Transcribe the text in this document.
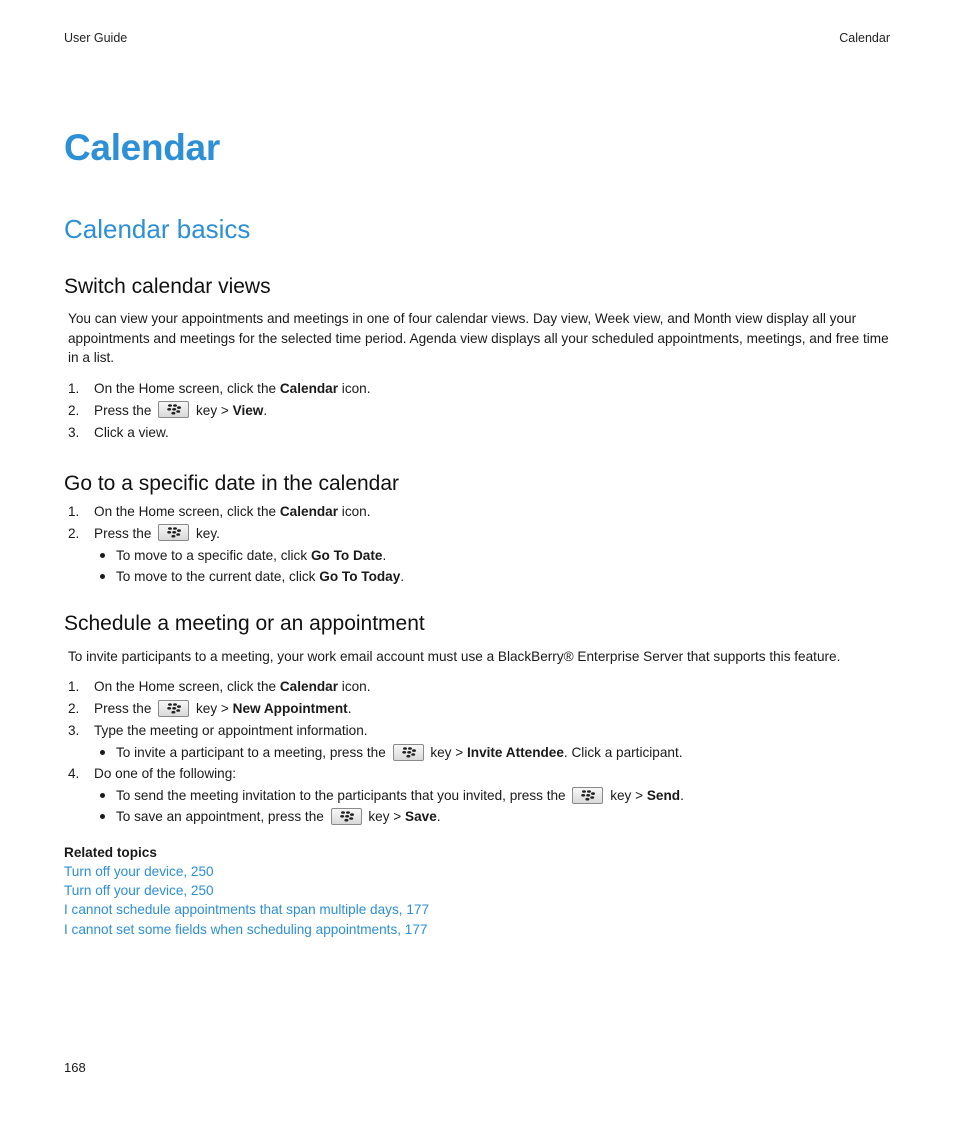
User Guide	Calendar
Calendar
Calendar basics
Switch calendar views

You can view your appointments and meetings in one of four calendar views. Day view, Week view, and Month view display all your appointments and meetings for the selected time period. Agenda view displays all your scheduled appointments, meetings, and free time in a list.

1. On the Home screen, click the Calendar icon.
2. Press the	key > View.
3. Click a view.
Go to a specific date in the calendar
1. On the Home screen, click the Calendar icon.
2. Press the	key.
To move to a specific date, click Go To Date.
To move to the current date, click Go To Today.
Schedule a meeting or an appointment

To invite participants to a meeting, your work email account must use a BlackBerry® Enterprise Server that supports this feature.

1. On the Home screen, click the Calendar icon.
2. Press the	key > New Appointment.
3. Type the meeting or appointment information.
To invite a participant to a meeting, press the	key > Invite Attendee. Click a participant.
4. Do one of the following:
To send the meeting invitation to the participants that you invited, press the	key > Send.
To save an appointment, press the	key > Save.
Related topics
Turn off your device, 250
Turn off your device, 250
I cannot schedule appointments that span multiple days, 177
I cannot set some fields when scheduling appointments, 177
168
